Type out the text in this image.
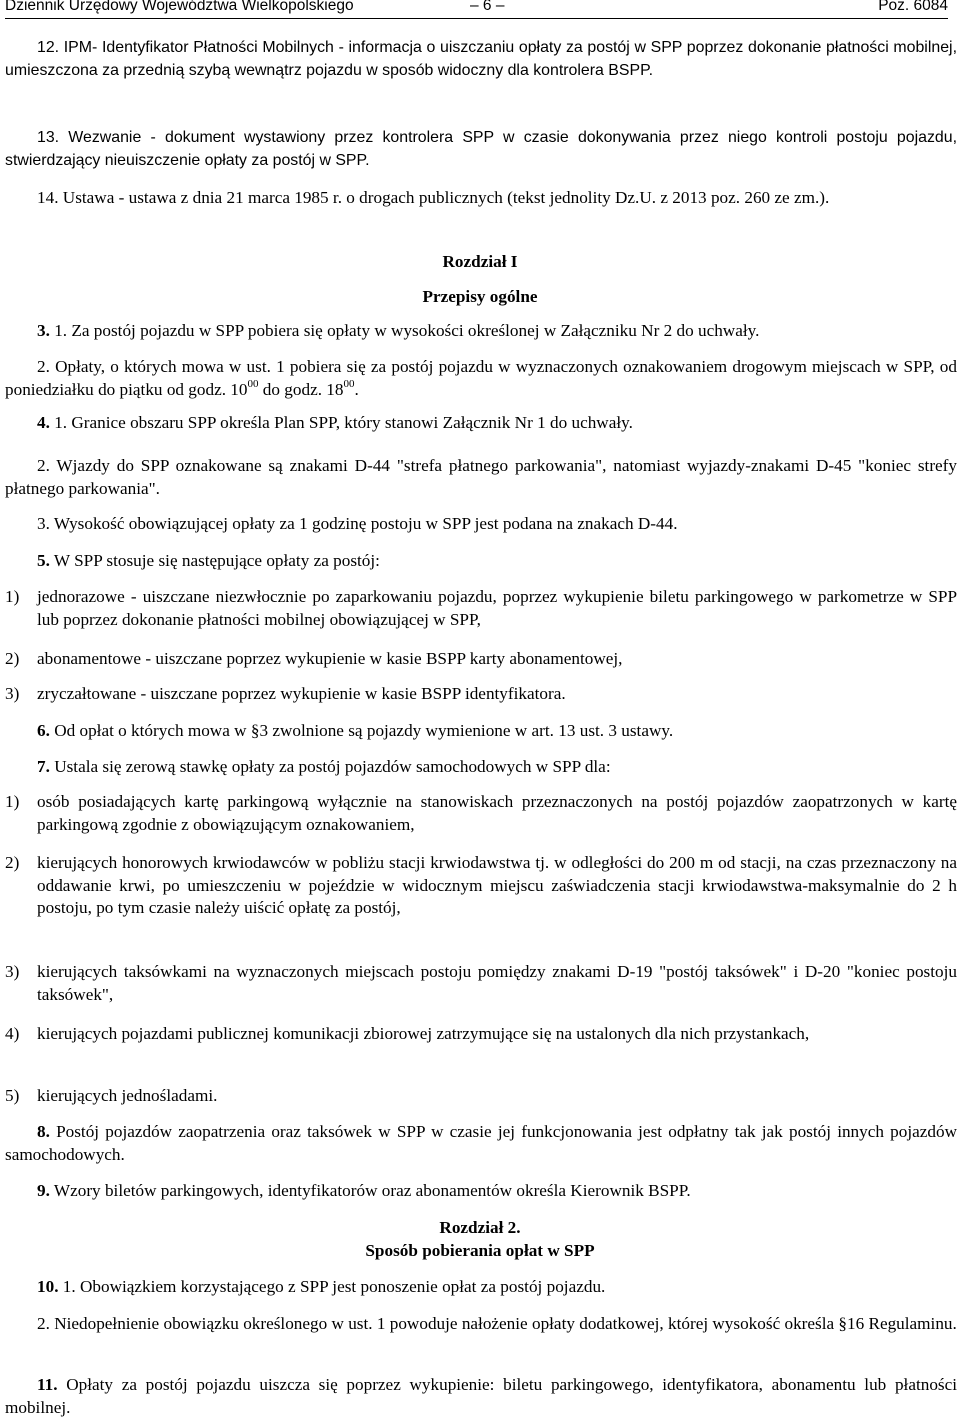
Dziennik Urzędowy Województwa Wielkopolskiego	– 6 –	Poz. 6084

12. IPM- Identyfikator Płatności Mobilnych - informacja o uiszczaniu opłaty za postój w SPP poprzez dokonanie płatności mobilnej, umieszczona za przednią szybą wewnątrz pojazdu w sposób widoczny dla kontrolera BSPP.

13. Wezwanie - dokument wystawiony przez kontrolera SPP w czasie dokonywania przez niego kontroli postoju pojazdu, stwierdzający nieuiszczenie opłaty za postój w SPP.

14. Ustawa - ustawa z dnia 21 marca 1985 r. o drogach publicznych (tekst jednolity Dz.U. z 2013 poz. 260 ze zm.).

Rozdział I

Przepisy ogólne

3. 1. Za postój pojazdu w SPP pobiera się opłaty w wysokości określonej w Załączniku Nr 2 do uchwały.

2. Opłaty, o których mowa w ust. 1 pobiera się za postój pojazdu w wyznaczonych oznakowaniem drogowym miejscach w SPP, od poniedziałku do piątku od godz. $10^{00}$ do godz. $18^{00}$.

4. 1. Granice obszaru SPP określa Plan SPP, który stanowi Załącznik Nr 1 do uchwały.

2. Wjazdy do SPP oznakowane są znakami D-44 "strefa płatnego parkowania", natomiast wyjazdy-znakami D-45 "koniec strefy płatnego parkowania".

3. Wysokość obowiązującej opłaty za 1 godzinę postoju w SPP jest podana na znakach D-44.

5. W SPP stosuje się następujące opłaty za postój:

1) jednorazowe - uiszczane niezwłocznie po zaparkowaniu pojazdu, poprzez wykupienie biletu parkingowego w parkometrze w SPP lub poprzez dokonanie płatności mobilnej obowiązującej w SPP,
2) abonamentowe - uiszczane poprzez wykupienie w kasie BSPP karty abonamentowej,
3) zryczałtowane - uiszczane poprzez wykupienie w kasie BSPP identyfikatora.

6. Od opłat o których mowa w §3 zwolnione są pojazdy wymienione w art. 13 ust. 3 ustawy.

7. Ustala się zerową stawkę opłaty za postój pojazdów samochodowych w SPP dla:

1) osób posiadających kartę parkingową wyłącznie na stanowiskach przeznaczonych na postój pojazdów zaopatrzonych w kartę parkingową zgodnie z obowiązującym oznakowaniem,
2) kierujących honorowych krwiodawców w pobliżu stacji krwiodawstwa tj. w odległości do 200 m od stacji, na czas przeznaczony na oddawanie krwi, po umieszczeniu w pojeździe w widocznym miejscu zaświadczenia stacji krwiodawstwa-maksymalnie do 2 h postoju, po tym czasie należy uiścić opłatę za postój,
3) kierujących taksówkami na wyznaczonych miejscach postoju pomiędzy znakami D-19 "postój taksówek" i D-20 "koniec postoju taksówek",
4) kierujących pojazdami publicznej komunikacji zbiorowej zatrzymujące się na ustalonych dla nich przystankach,
5) kierujących jednośladami.

8. Postój pojazdów zaopatrzenia oraz taksówek w SPP w czasie jej funkcjonowania jest odpłatny tak jak postój innych pojazdów samochodowych.

9. Wzory biletów parkingowych, identyfikatorów oraz abonamentów określa Kierownik BSPP.

Rozdział 2.

Sposób pobierania opłat w SPP

10. 1. Obowiązkiem korzystającego z SPP jest ponoszenie opłat za postój pojazdu.

2. Niedopełnienie obowiązku określonego w ust. 1 powoduje nałożenie opłaty dodatkowej, której wysokość określa §16 Regulaminu.

11. Opłaty za postój pojazdu uiszcza się poprzez wykupienie: biletu parkingowego, identyfikatora, abonamentu lub płatności mobilnej.
